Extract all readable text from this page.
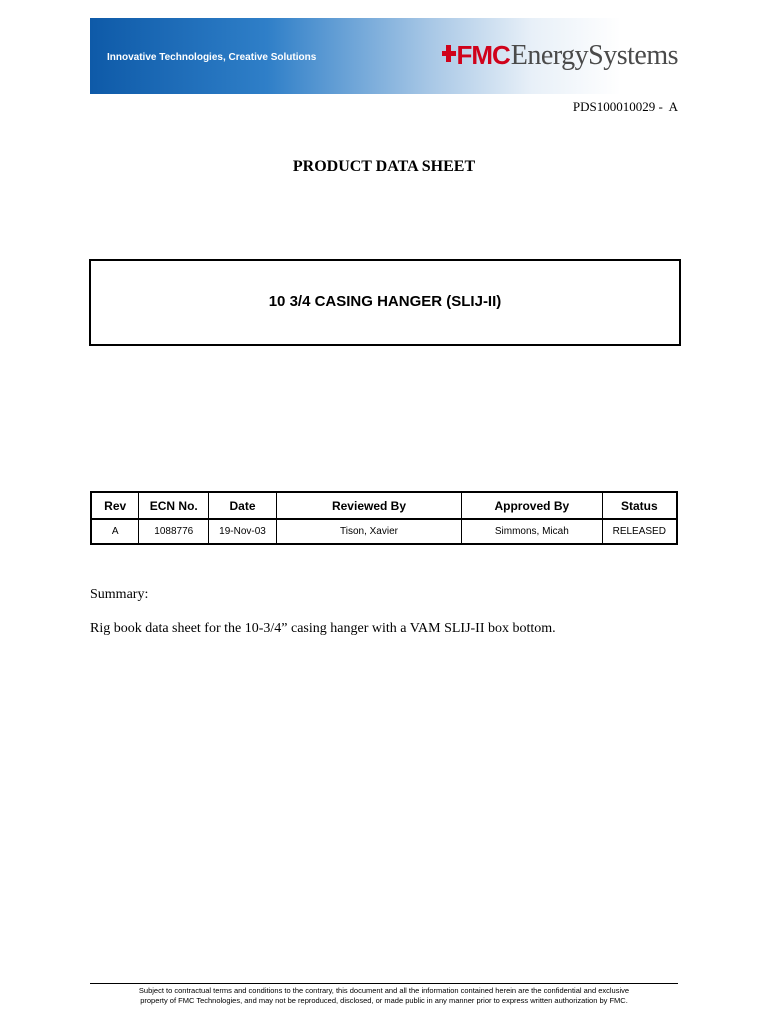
Innovative Technologies, Creative Solutions	FMC EnergySystems
PDS100010029 -  A
PRODUCT DATA SHEET
10 3/4 CASING HANGER (SLIJ-II)
Rev	ECN No.	Date	Reviewed By	Approved By	Status
A	1088776	19-Nov-03	Tison, Xavier	Simmons, Micah	RELEASED
Summary:
Rig book data sheet for the 10-3/4” casing hanger with a VAM SLIJ-II box bottom.
Subject to contractual terms and conditions to the contrary, this document and all the information contained herein are the confidential and exclusive
property of FMC Technologies, and may not be reproduced, disclosed, or made public in any manner prior to express written authorization by FMC.
